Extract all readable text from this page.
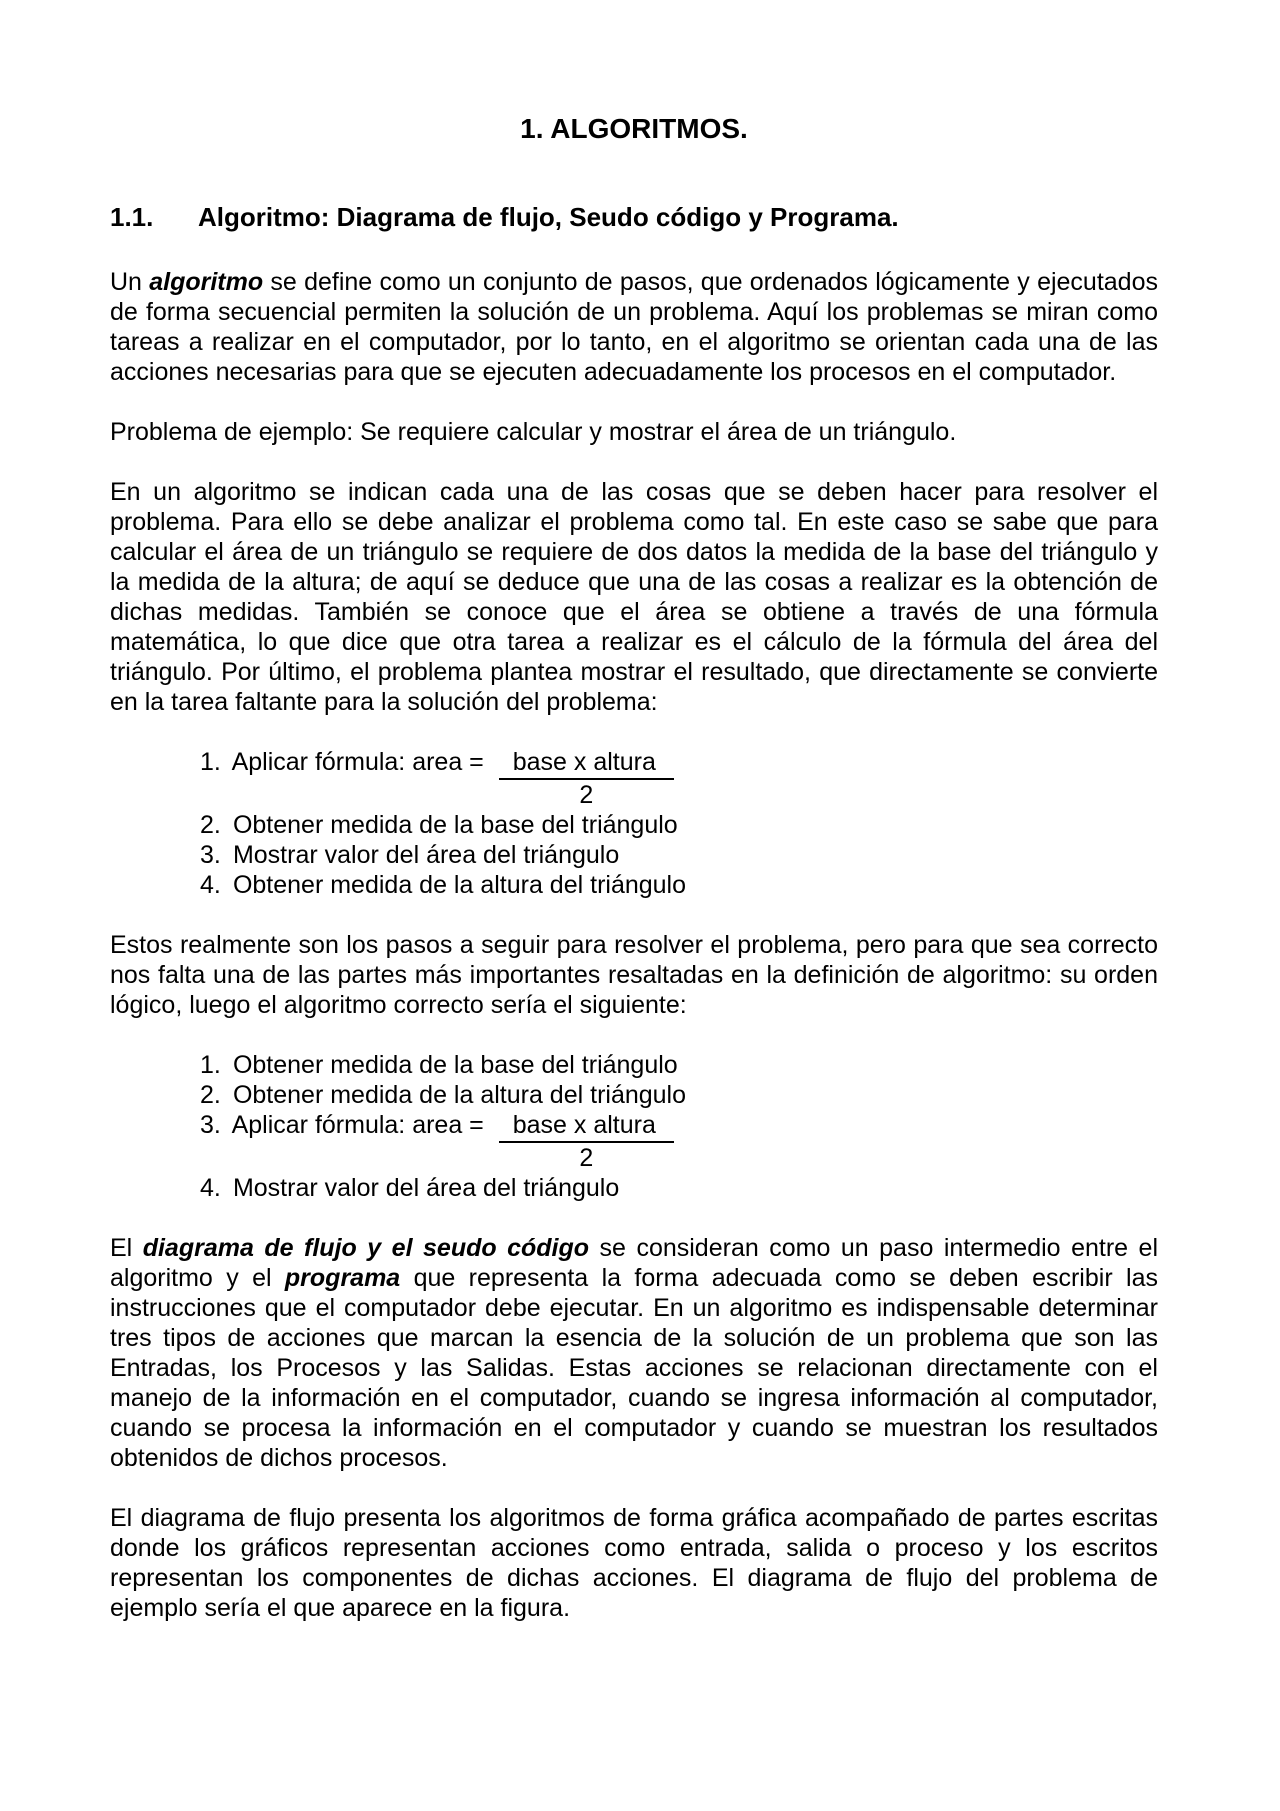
1. ALGORITMOS.
1.1. Algoritmo: Diagrama de flujo, Seudo código y Programa.

Un algoritmo se define como un conjunto de pasos, que ordenados lógicamente y ejecutados de forma secuencial permiten la solución de un problema. Aquí los problemas se miran como tareas a realizar en el computador, por lo tanto, en el algoritmo se orientan cada una de las acciones necesarias para que se ejecuten adecuadamente los procesos en el computador.

Problema de ejemplo: Se requiere calcular y mostrar el área de un triángulo.

En un algoritmo se indican cada una de las cosas que se deben hacer para resolver el problema. Para ello se debe analizar el problema como tal. En este caso se sabe que para calcular el área de un triángulo se requiere de dos datos la medida de la base del triángulo y la medida de la altura; de aquí se deduce que una de las cosas a realizar es la obtención de dichas medidas. También se conoce que el área se obtiene a través de una fórmula matemática, lo que dice que otra tarea a realizar es el cálculo de la fórmula del área del triángulo. Por último, el problema plantea mostrar el resultado, que directamente se convierte en la tarea faltante para la solución del problema:

1. Aplicar fórmula: area = $\frac{\text{base x altura}}{2}$
2. Obtener medida de la base del triángulo
3. Mostrar valor del área del triángulo
4. Obtener medida de la altura del triángulo

Estos realmente son los pasos a seguir para resolver el problema, pero para que sea correcto nos falta una de las partes más importantes resaltadas en la definición de algoritmo: su orden lógico, luego el algoritmo correcto sería el siguiente:

1. Obtener medida de la base del triángulo
2. Obtener medida de la altura del triángulo
3. Aplicar fórmula: area = $\frac{\text{base x altura}}{2}$
4. Mostrar valor del área del triángulo

El diagrama de flujo y el seudo código se consideran como un paso intermedio entre el algoritmo y el programa que representa la forma adecuada como se deben escribir las instrucciones que el computador debe ejecutar. En un algoritmo es indispensable determinar tres tipos de acciones que marcan la esencia de la solución de un problema que son las Entradas, los Procesos y las Salidas. Estas acciones se relacionan directamente con el manejo de la información en el computador, cuando se ingresa información al computador, cuando se procesa la información en el computador y cuando se muestran los resultados obtenidos de dichos procesos.

El diagrama de flujo presenta los algoritmos de forma gráfica acompañado de partes escritas donde los gráficos representan acciones como entrada, salida o proceso y los escritos representan los componentes de dichas acciones. El diagrama de flujo del problema de ejemplo sería el que aparece en la figura.
